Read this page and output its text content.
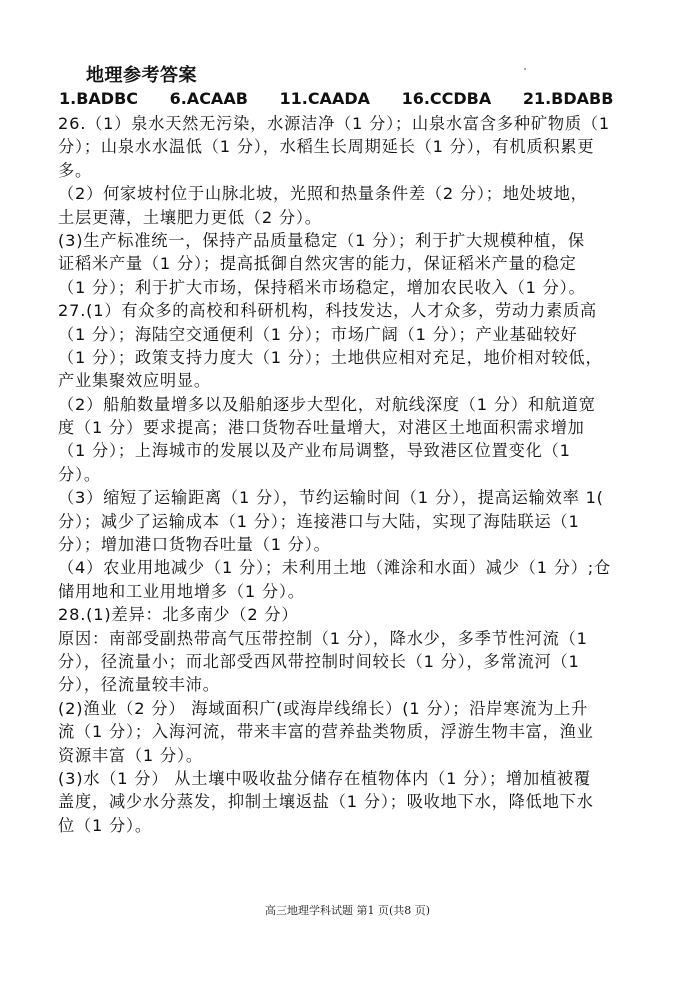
地理参考答案
1.BADBC 6.ACAAB 11.CAADA 16.CCDBA 21.BDABB
26.（1）泉水天然无污染，水源洁净（1 分）；山泉水富含多种矿物质（1
分）；山泉水水温低（1 分），水稻生长周期延长（1 分），有机质积累更
多。
（2）何家坡村位于山脉北坡，光照和热量条件差（2 分）；地处坡地，
土层更薄，土壤肥力更低（2 分）。
(3)生产标准统一，保持产品质量稳定（1 分）；利于扩大规模种植，保
证稻米产量（1 分）；提高抵御自然灾害的能力，保证稻米产量的稳定
（1 分）；利于扩大市场，保持稻米市场稳定，增加农民收入（1 分）。
27.(1）有众多的高校和科研机构，科技发达，人才众多，劳动力素质高
（1 分）；海陆空交通便利（1 分）；市场广阔（1 分）；产业基础较好
（1 分）；政策支持力度大（1 分）；土地供应相对充足，地价相对较低，
产业集聚效应明显。
（2）船舶数量增多以及船舶逐步大型化，对航线深度（1 分）和航道宽
度（1 分）要求提高；港口货物吞吐量增大，对港区土地面积需求增加
（1 分）；上海城市的发展以及产业布局调整，导致港区位置变化（1
分）。
（3）缩短了运输距离（1 分），节约运输时间（1 分），提高运输效率 1(
分）；减少了运输成本（1 分）；连接港口与大陆，实现了海陆联运（1
分）；增加港口货物吞吐量（1 分）。
（4）农业用地减少（1 分）；未利用土地（滩涂和水面）减少（1 分）;仓
储用地和工业用地增多（1 分）。
28.(1)差异：北多南少（2 分）
原因：南部受副热带高气压带控制（1 分），降水少，多季节性河流（1
分），径流量小；而北部受西风带控制时间较长（1 分），多常流河（1
分），径流量较丰沛。
(2)渔业（2 分） 海域面积广(或海岸线绵长）(1 分）；沿岸寒流为上升
流（1 分）；入海河流，带来丰富的营养盐类物质，浮游生物丰富，渔业
资源丰富（1 分）。
(3)水（1 分） 从土壤中吸收盐分储存在植物体内（1 分）；增加植被覆
盖度，减少水分蒸发，抑制土壤返盐（1 分）；吸收地下水，降低地下水
位（1 分）。
高三地理学科试题 第1 页(共8 页)
